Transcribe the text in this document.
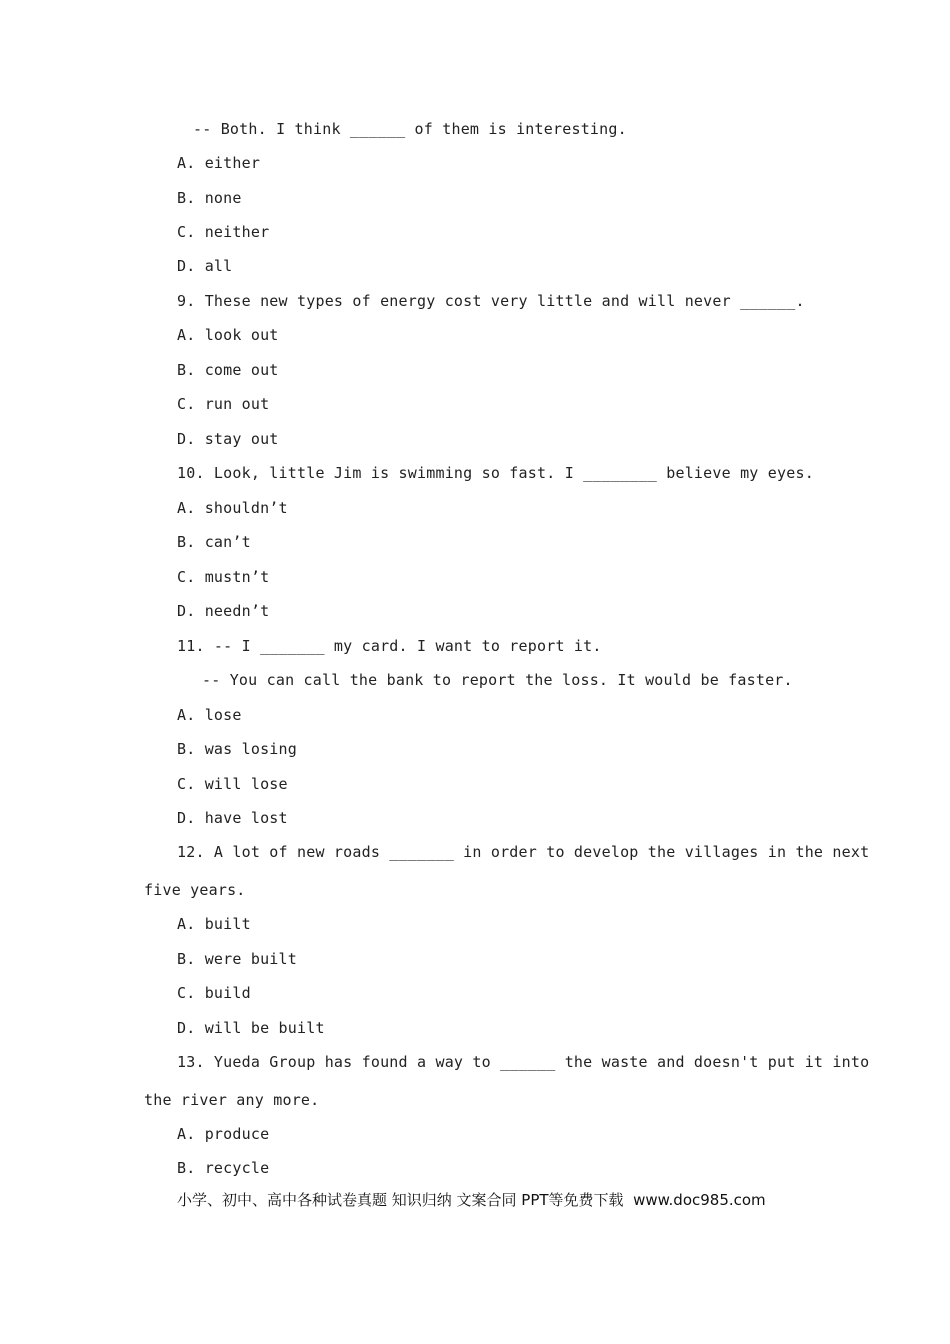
-- Both. I think ______ of them is interesting.
A. either
B. none
C. neither
D. all
9. These new types of energy cost very little and will never ______.
A. look out
B. come out
C. run out
D. stay out
10. Look, little Jim is swimming so fast. I ________ believe my eyes.
A. shouldn’t
B. can’t
C. mustn’t
D. needn’t
11. -- I _______ my card. I want to report it.
-- You can call the bank to report the loss. It would be faster.
A. lose
B. was losing
C. will lose
D. have lost
12. A lot of new roads _______ in order to develop the villages in the next
five years.
A. built
B. were built
C. build
D. will be built
13. Yueda Group has found a way to ______ the waste and doesn't put it into
the river any more.
A. produce
B. recycle
小学、初中、高中各种试卷真题 知识归纳 文案合同 PPT等免费下载  www.doc985.com
